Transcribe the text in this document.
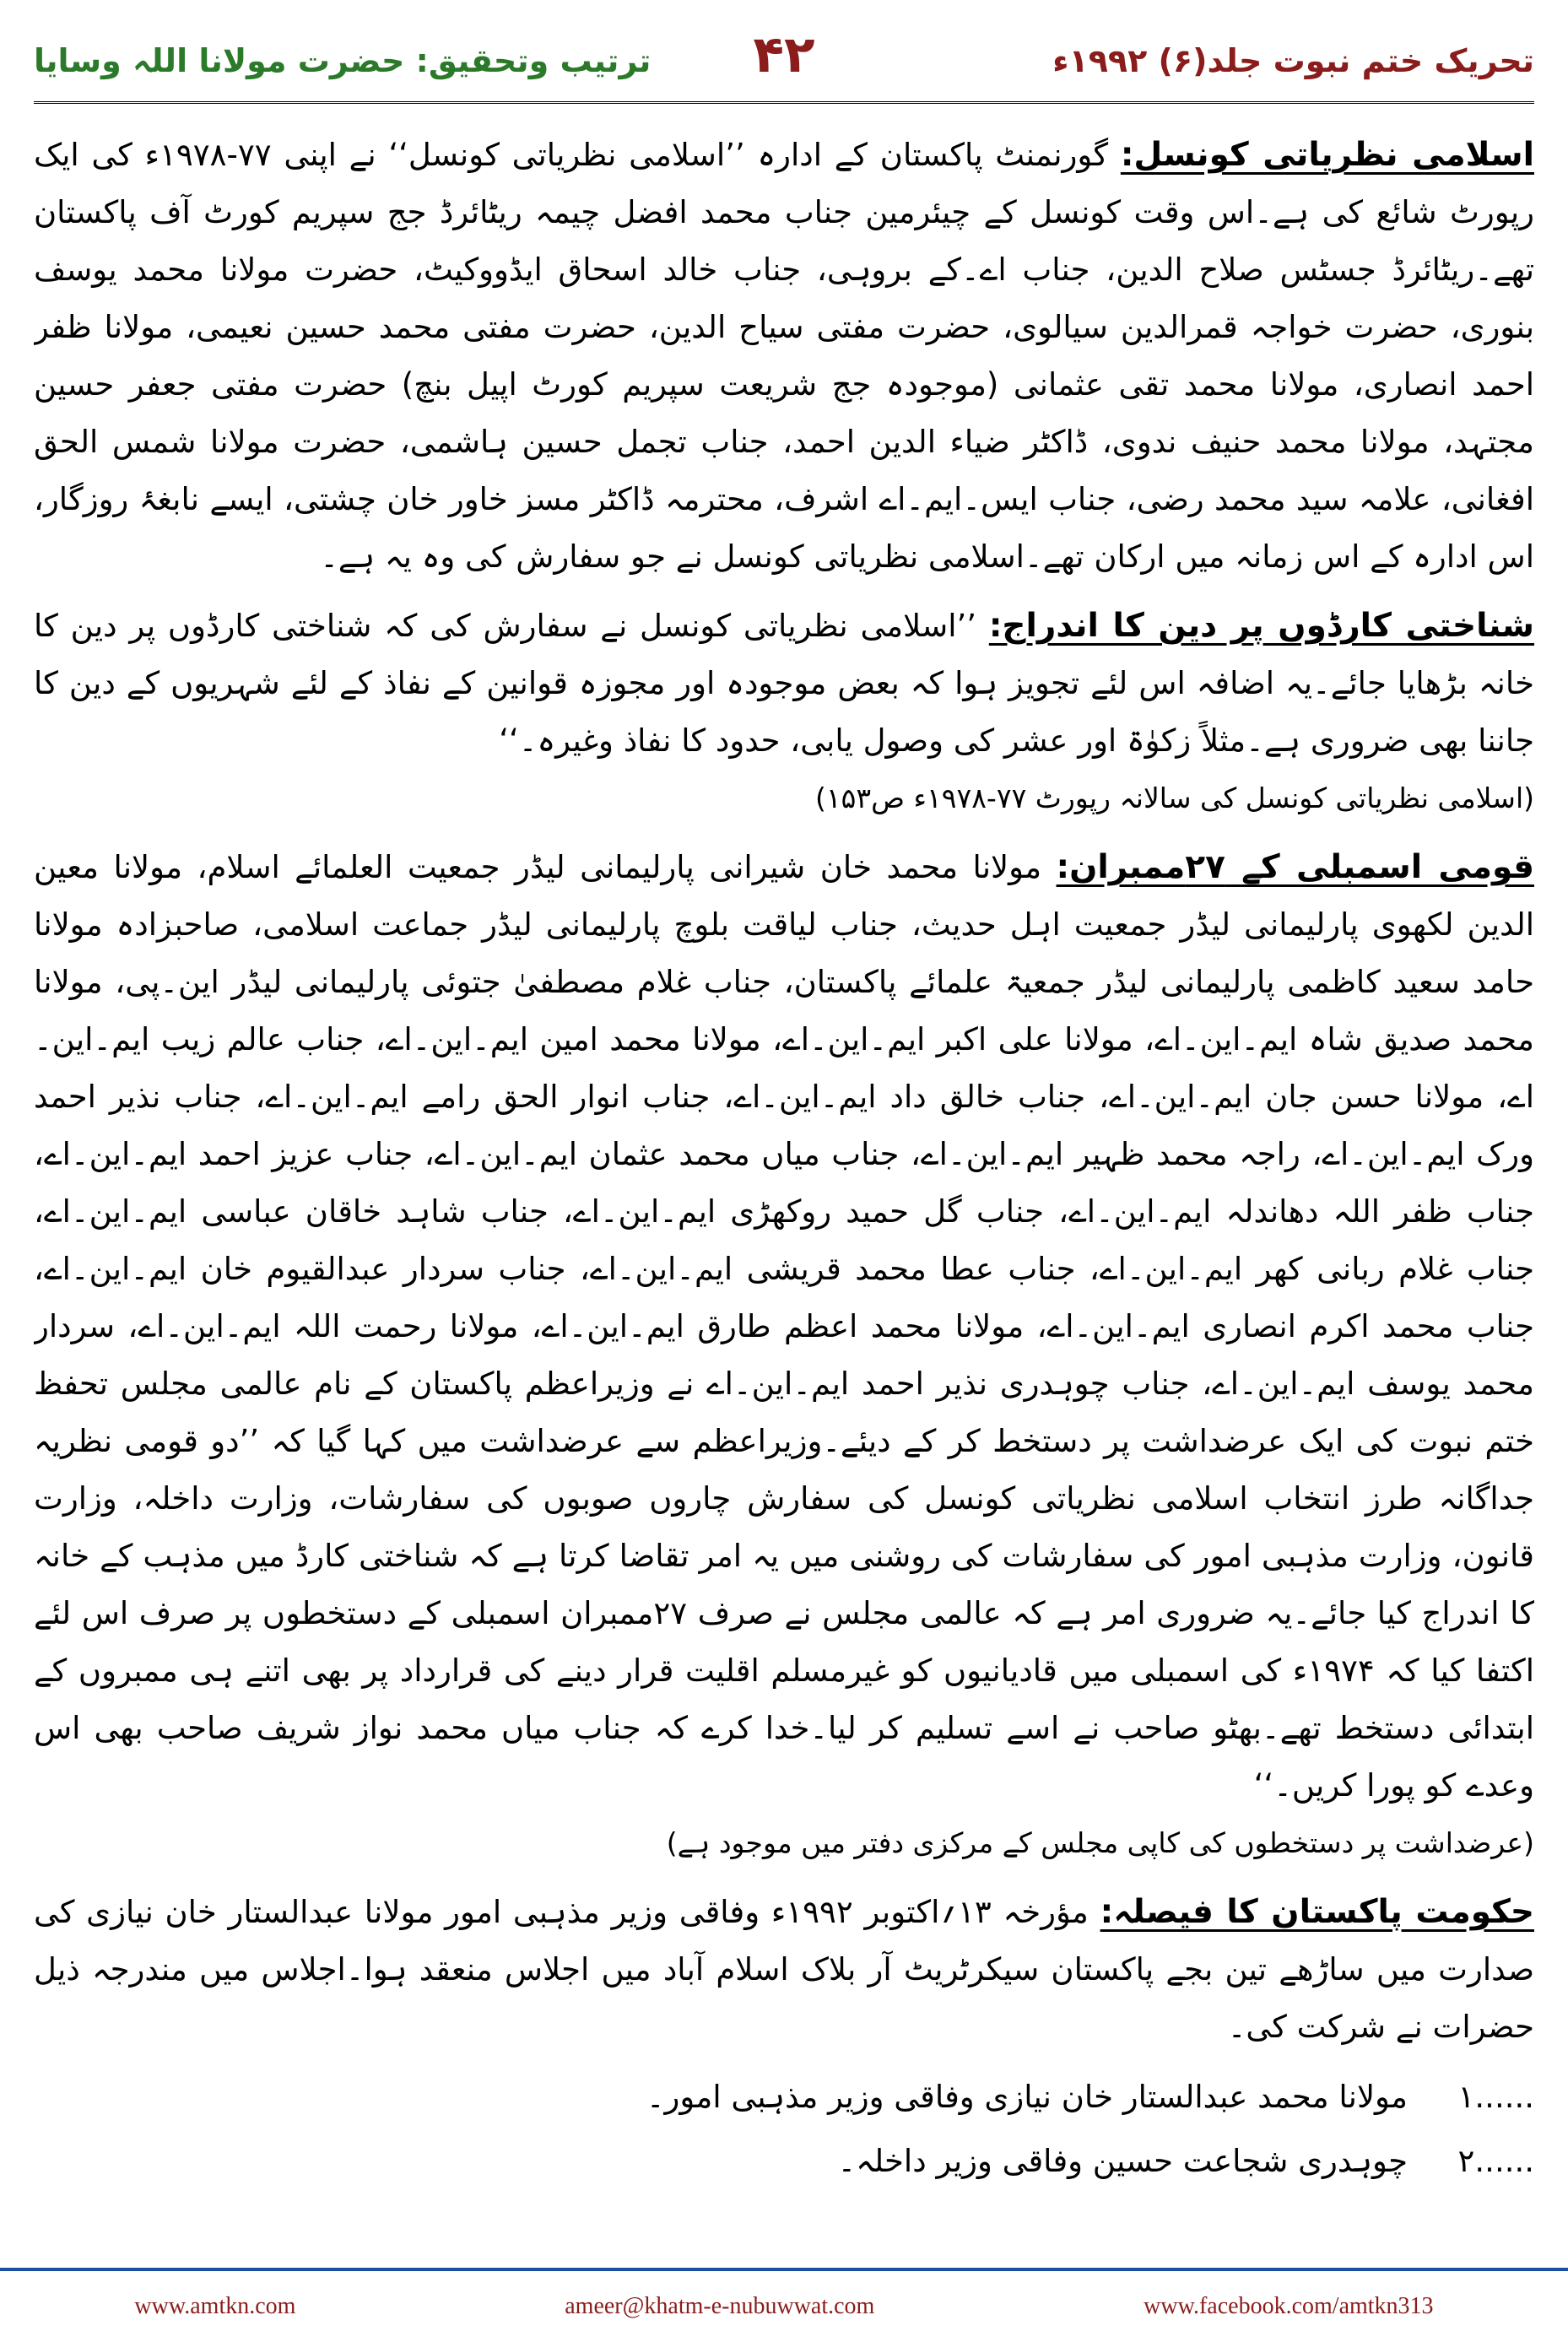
تحریک ختم نبوت جلد(۶) ۱۹۹۲ء
۴۲
ترتیب وتحقیق: حضرت مولانا اللہ وسایا

اسلامی نظریاتی کونسل: گورنمنٹ پاکستان کے ادارہ ’’اسلامی نظریاتی کونسل‘‘ نے اپنی ۷۷-۱۹۷۸ء کی ایک رپورٹ شائع کی ہے۔اس وقت کونسل کے چیئرمین جناب محمد افضل چیمہ ریٹائرڈ جج سپریم کورٹ آف پاکستان تھے۔ریٹائرڈ جسٹس صلاح الدین، جناب اے۔کے بروہی، جناب خالد اسحاق ایڈووکیٹ، حضرت مولانا محمد یوسف بنوری، حضرت خواجہ قمرالدین سیالوی، حضرت مفتی سیاح الدین، حضرت مفتی محمد حسین نعیمی، مولانا ظفر احمد انصاری، مولانا محمد تقی عثمانی (موجودہ جج شریعت سپریم کورٹ اپیل بنچ) حضرت مفتی جعفر حسین مجتہد، مولانا محمد حنیف ندوی، ڈاکٹر ضیاء الدین احمد، جناب تجمل حسین ہاشمی، حضرت مولانا شمس الحق افغانی، علامہ سید محمد رضی، جناب ایس۔ایم۔اے اشرف، محترمہ ڈاکٹر مسز خاور خان چشتی، ایسے نابغۂ روزگار، اس ادارہ کے اس زمانہ میں ارکان تھے۔اسلامی نظریاتی کونسل نے جو سفارش کی وہ یہ ہے۔

شناختی کارڈوں پر دین کا اندراج: ’’اسلامی نظریاتی کونسل نے سفارش کی کہ شناختی کارڈوں پر دین کا خانہ بڑھایا جائے۔یہ اضافہ اس لئے تجویز ہوا کہ بعض موجودہ اور مجوزہ قوانین کے نفاذ کے لئے شہریوں کے دین کا جاننا بھی ضروری ہے۔مثلاً زکوٰۃ اور عشر کی وصول یابی، حدود کا نفاذ وغیرہ۔‘‘
(اسلامی نظریاتی کونسل کی سالانہ رپورٹ ۷۷-۱۹۷۸ء ص۱۵۳)

قومی اسمبلی کے ۲۷ممبران: مولانا محمد خان شیرانی پارلیمانی لیڈر جمعیت العلمائے اسلام، مولانا معین الدین لکھوی پارلیمانی لیڈر جمعیت اہل حدیث، جناب لیاقت بلوچ پارلیمانی لیڈر جماعت اسلامی، صاحبزادہ مولانا حامد سعید کاظمی پارلیمانی لیڈر جمعیۃ علمائے پاکستان، جناب غلام مصطفیٰ جتوئی پارلیمانی لیڈر این۔پی، مولانا محمد صدیق شاہ ایم۔این۔اے، مولانا علی اکبر ایم۔این۔اے، مولانا محمد امین ایم۔این۔اے، جناب عالم زیب ایم۔این۔اے، مولانا حسن جان ایم۔این۔اے، جناب خالق داد ایم۔این۔اے، جناب انوار الحق رامے ایم۔این۔اے، جناب نذیر احمد ورک ایم۔این۔اے، راجہ محمد ظہیر ایم۔این۔اے، جناب میاں محمد عثمان ایم۔این۔اے، جناب عزیز احمد ایم۔این۔اے، جناب ظفر اللہ دھاندلہ ایم۔این۔اے، جناب گل حمید روکھڑی ایم۔این۔اے، جناب شاہد خاقان عباسی ایم۔این۔اے، جناب غلام ربانی کھر ایم۔این۔اے، جناب عطا محمد قریشی ایم۔این۔اے، جناب سردار عبدالقیوم خان ایم۔این۔اے، جناب محمد اکرم انصاری ایم۔این۔اے، مولانا محمد اعظم طارق ایم۔این۔اے، مولانا رحمت اللہ ایم۔این۔اے، سردار محمد یوسف ایم۔این۔اے، جناب چوہدری نذیر احمد ایم۔این۔اے نے وزیراعظم پاکستان کے نام عالمی مجلس تحفظ ختم نبوت کی ایک عرضداشت پر دستخط کر کے دیئے۔وزیراعظم سے عرضداشت میں کہا گیا کہ ’’دو قومی نظریہ جداگانہ طرز انتخاب اسلامی نظریاتی کونسل کی سفارش چاروں صوبوں کی سفارشات، وزارت داخلہ، وزارت قانون، وزارت مذہبی امور کی سفارشات کی روشنی میں یہ امر تقاضا کرتا ہے کہ شناختی کارڈ میں مذہب کے خانہ کا اندراج کیا جائے۔یہ ضروری امر ہے کہ عالمی مجلس نے صرف ۲۷ممبران اسمبلی کے دستخطوں پر صرف اس لئے اکتفا کیا کہ ۱۹۷۴ء کی اسمبلی میں قادیانیوں کو غیرمسلم اقلیت قرار دینے کی قرارداد پر بھی اتنے ہی ممبروں کے ابتدائی دستخط تھے۔بھٹو صاحب نے اسے تسلیم کر لیا۔خدا کرے کہ جناب میاں محمد نواز شریف صاحب بھی اس وعدے کو پورا کریں۔‘‘
(عرضداشت پر دستخطوں کی کاپی مجلس کے مرکزی دفتر میں موجود ہے)

حکومت پاکستان کا فیصلہ: مؤرخہ ۱۳؍اکتوبر ۱۹۹۲ء وفاقی وزیر مذہبی امور مولانا عبدالستار خان نیازی کی صدارت میں ساڑھے تین بجے پاکستان سیکرٹریٹ آر بلاک اسلام آباد میں اجلاس منعقد ہوا۔اجلاس میں مندرجہ ذیل حضرات نے شرکت کی۔

۱......
مولانا محمد عبدالستار خان نیازی وفاقی وزیر مذہبی امور۔
۲......
چوہدری شجاعت حسین وفاقی وزیر داخلہ۔
www.amtkn.com	ameer@khatm-e-nubuwwat.com	www.facebook.com/amtkn313
